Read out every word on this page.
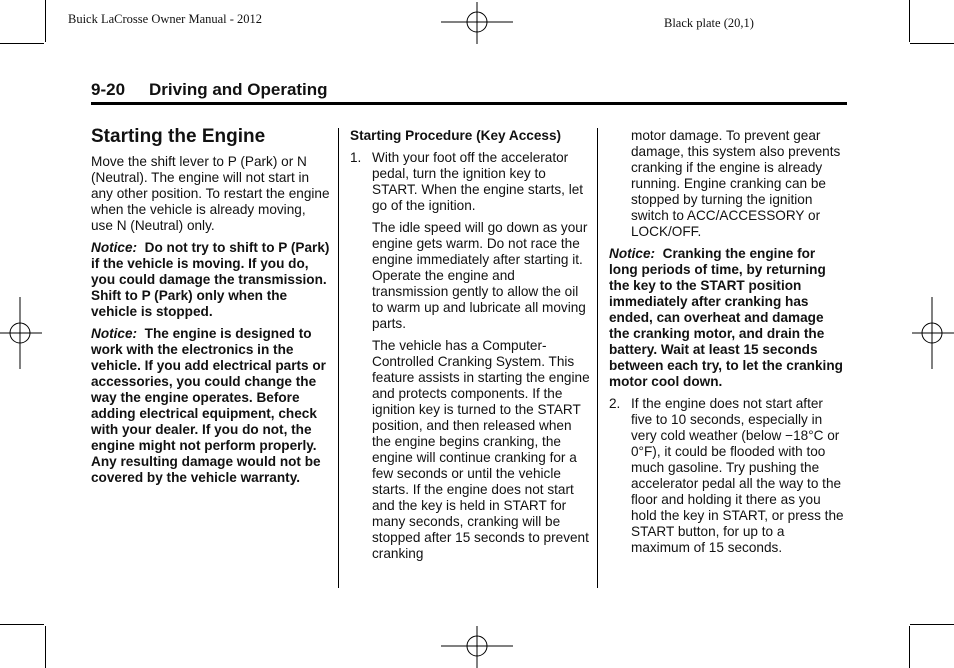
Buick LaCrosse Owner Manual - 2012	Black plate (20,1)
9-20 Driving and Operating
Starting the Engine

Move the shift lever to P (Park) or N (Neutral). The engine will not start in any other position. To restart the engine when the vehicle is already moving, use N (Neutral) only.

Notice: Do not try to shift to P (Park) if the vehicle is moving. If you do, you could damage the transmission. Shift to P (Park) only when the vehicle is stopped.

Notice: The engine is designed to work with the electronics in the vehicle. If you add electrical parts or accessories, you could change the way the engine operates. Before adding electrical equipment, check with your dealer. If you do not, the engine might not perform properly. Any resulting damage would not be covered by the vehicle warranty.

Starting Procedure (Key Access)
1. With your foot off the accelerator pedal, turn the ignition key to START. When the engine starts, let go of the ignition.
The idle speed will go down as your engine gets warm. Do not race the engine immediately after starting it. Operate the engine and transmission gently to allow the oil to warm up and lubricate all moving parts.
The vehicle has a Computer-Controlled Cranking System. This feature assists in starting the engine and protects components. If the ignition key is turned to the START position, and then released when the engine begins cranking, the engine will continue cranking for a few seconds or until the vehicle starts. If the engine does not start and the key is held in START for many seconds, cranking will be stopped after 15 seconds to prevent cranking
motor damage. To prevent gear damage, this system also prevents cranking if the engine is already running. Engine cranking can be stopped by turning the ignition switch to ACC/ACCESSORY or LOCK/OFF.

Notice: Cranking the engine for long periods of time, by returning the key to the START position immediately after cranking has ended, can overheat and damage the cranking motor, and drain the battery. Wait at least 15 seconds between each try, to let the cranking motor cool down.

2. If the engine does not start after five to 10 seconds, especially in very cold weather (below −18°C or 0°F), it could be flooded with too much gasoline. Try pushing the accelerator pedal all the way to the floor and holding it there as you hold the key in START, or press the START button, for up to a maximum of 15 seconds.
